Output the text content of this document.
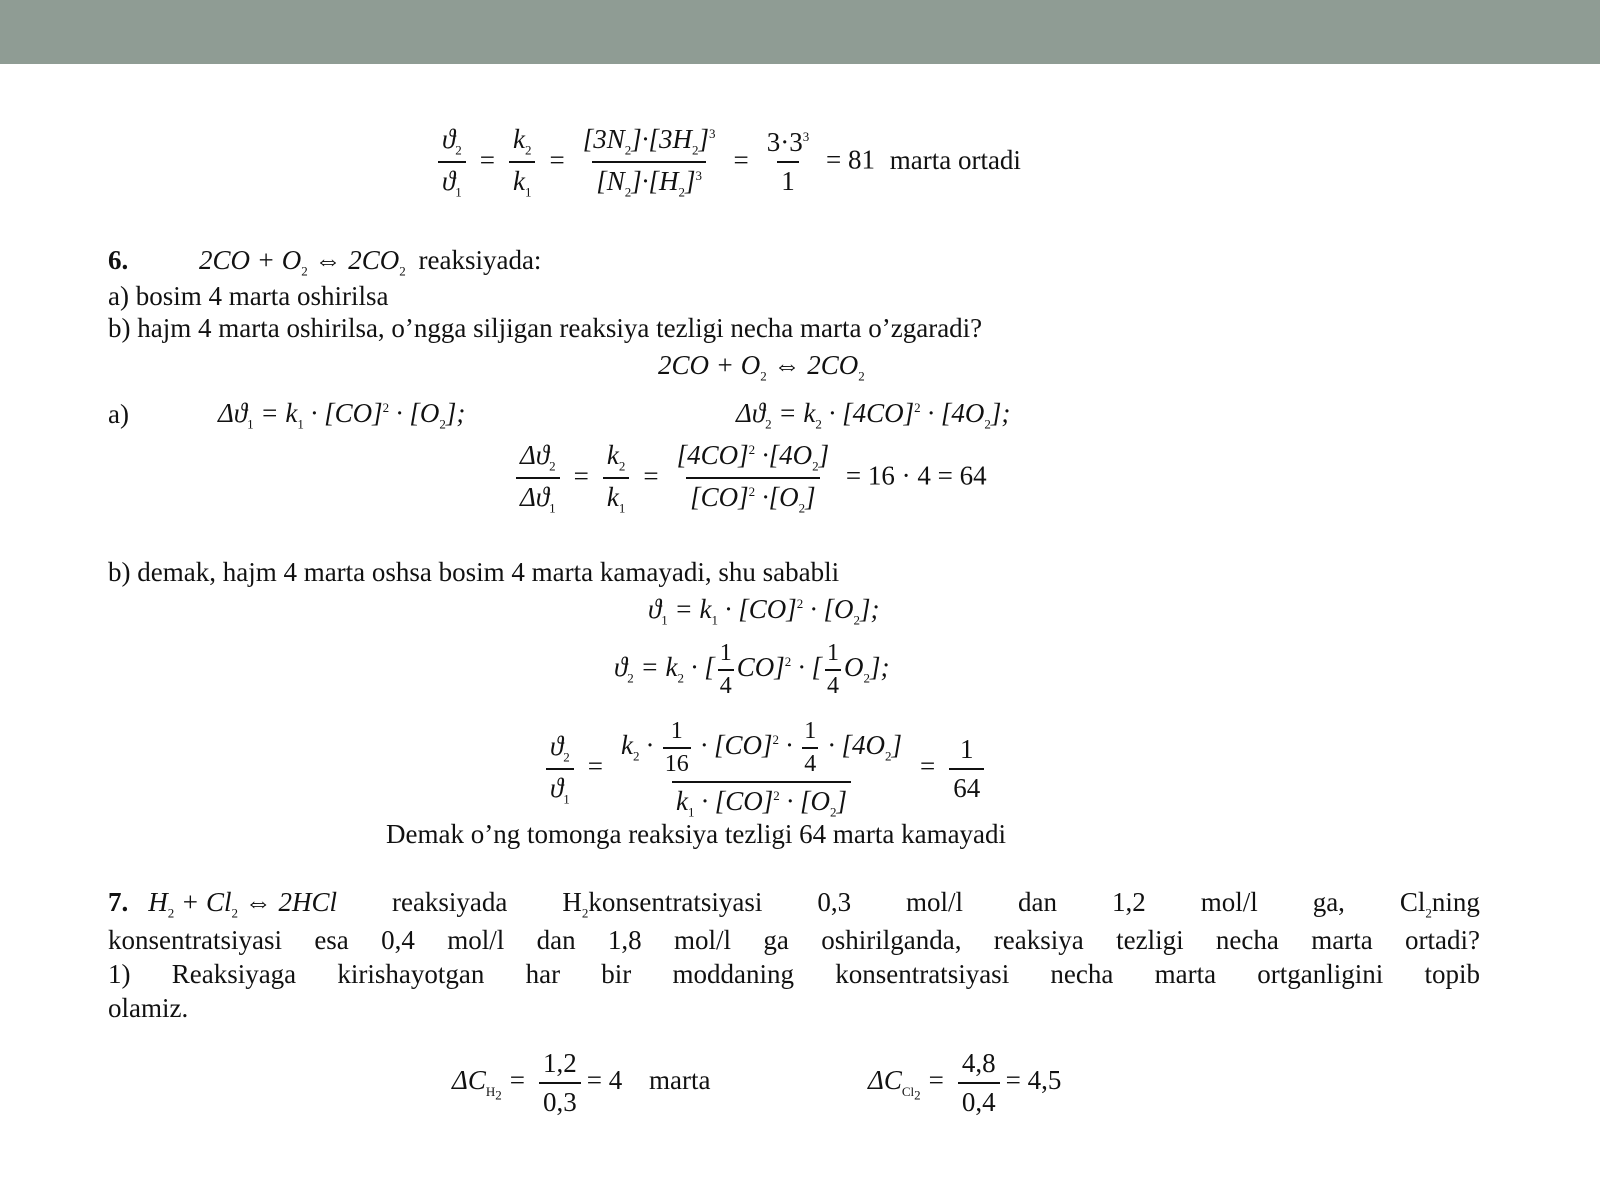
$\frac{ϑ_2}{ϑ_1} = \frac{k_2}{k_1} = \frac{[3N_2]\cdot[3H_2]^3}{[N_2]\cdot[H_2]^3} = \frac{3\cdot 3^3}{1} = 81$ marta ortadi
6.	$2CO + O_2$ ⇔ $2CO_2$ reaksiyada:
a) bosim 4 marta oshirilsa
b) hajm 4 marta oshirilsa, o’ngga siljigan reaksiya tezligi necha marta o’zgaradi?
$2CO + O_2$ ⇔ $2CO_2$
a)	$\Delta ϑ_1 = k_1 \cdot [CO]^2 \cdot [O_2]$;	$\Delta ϑ_2 = k_2 \cdot [4CO]^2 \cdot [4O_2]$;
$\frac{\Delta ϑ_2}{\Delta ϑ_1} = \frac{k_2}{k_1} = \frac{[4CO]^2 \cdot[4O_2]}{[CO]^2 \cdot[O_2]} = 16 \cdot 4 = 64$
b) demak, hajm 4 marta oshsa bosim 4 marta kamayadi, shu sababli
$ϑ_1 = k_1 \cdot [CO]^2 \cdot [O_2]$;
$ϑ_2 = k_2$ · [ $\frac{1}{4} CO]^2$ · [ $\frac{1}{4} O_2$];
$\frac{ϑ_2}{ϑ_1} = \frac{k_2 \cdot \frac{1}{16} \cdot [CO]^2 \cdot \frac{1}{4} \cdot [4O_2]}{k_1 \cdot [CO]^2 \cdot [O_2]} = \frac{1}{64}$
Demak o’ng tomonga reaksiya tezligi 64 marta kamayadi
7. $H_2 + Cl_2$ ⇔ 2HCl reaksiyada $H_2konsentratsiyasi$ 0,3 mol/l dan 1,2 mol/l ga, $Cl_2ning$
konsentratsiyasi esa 0,4 mol/l dan 1,8 mol/l ga oshirilganda, reaksiya tezligi necha marta ortadi?
1) Reaksiyaga kirishayotgan har bir moddaning konsentratsiyasi necha marta ortganligini topib
olamiz.
$\Delta C_{H_2} = \frac{1,2}{0,3} = 4$ marta	$\Delta C_{Cl_2} = \frac{4,8}{0,4} = 4,5$
